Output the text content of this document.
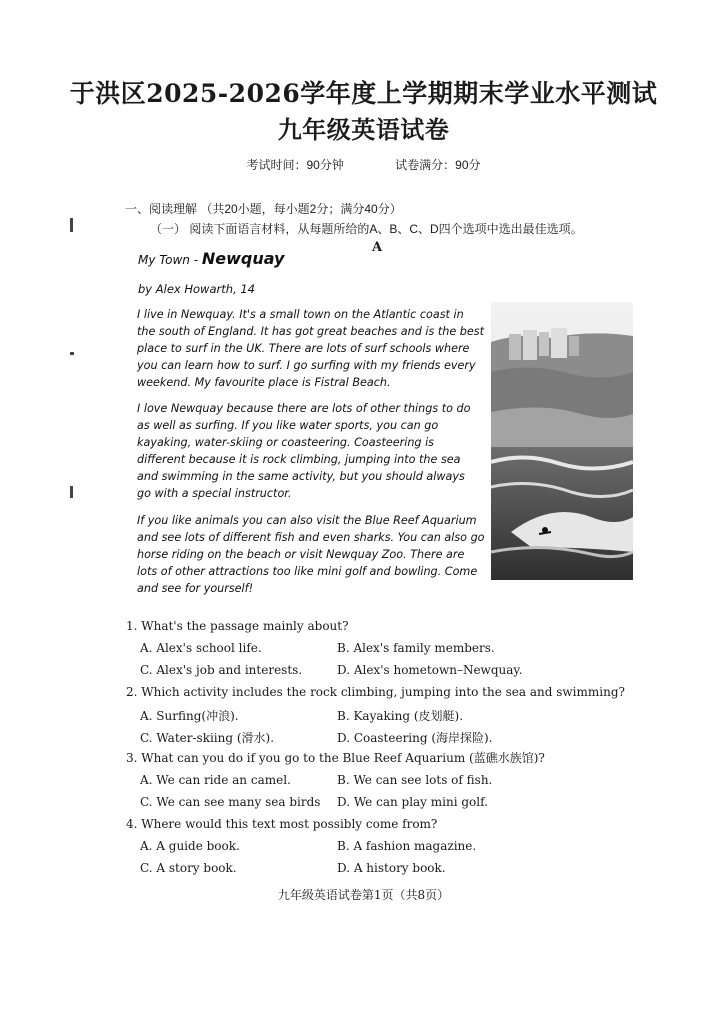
于洪区2025-2026学年度上学期期末学业水平测试
九年级英语试卷
考试时间：90分钟	试卷满分：90分
一、阅读理解 （共20小题，每小题2分；满分40分）
（一） 阅读下面语言材料，从每题所给的A、B、C、D四个选项中选出最佳选项。
A
My Town - Newquay
by Alex Howarth, 14
I live in Newquay. It's a small town on the Atlantic coast in
the south of England. It has got great beaches and is the best
place to surf in the UK. There are lots of surf schools where
you can learn how to surf. I go surfing with my friends every
weekend. My favourite place is Fistral Beach.
I love Newquay because there are lots of other things to do
as well as surfing. If you like water sports, you can go
kayaking, water-skiing or coasteering. Coasteering is
different because it is rock climbing, jumping into the sea
and swimming in the same activity, but you should always
go with a special instructor.
If you like animals you can also visit the Blue Reef Aquarium
and see lots of different fish and even sharks. You can also go
horse riding on the beach or visit Newquay Zoo. There are
lots of other attractions too like mini golf and bowling. Come
and see for yourself!
1. What's the passage mainly about?
A. Alex's school life.	B. Alex's family members.
C. Alex's job and interests.	D. Alex's hometown–Newquay.
2. Which activity includes the rock climbing, jumping into the sea and swimming?
A. Surfing(冲浪).	B. Kayaking (皮划艇).
C. Water-skiing (滑水).	D. Coasteering (海岸探险).
3. What can you do if you go to the Blue Reef Aquarium (蓝礁水族馆)?
A. We can ride an camel.	B. We can see lots of fish.
C. We can see many sea birds D. We can play mini golf.
4. Where would this text most possibly come from?
A. A guide book.	B. A fashion magazine.
C. A story book.	D. A history book.
九年级英语试卷第1页（共8页）
